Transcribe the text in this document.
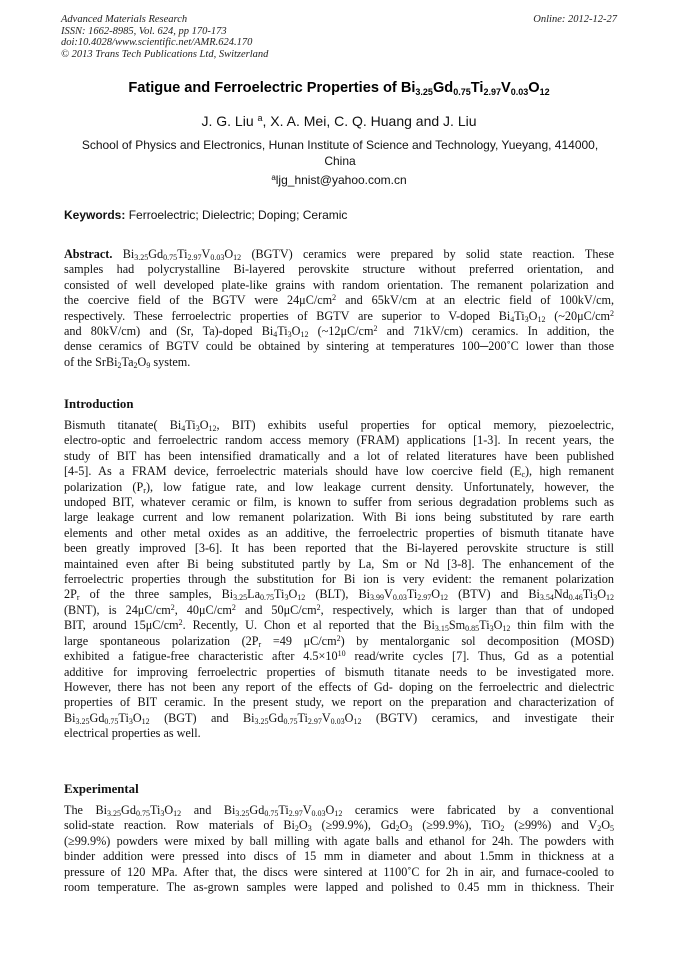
Advanced Materials Research
ISSN: 1662-8985, Vol. 624, pp 170-173
doi:10.4028/www.scientific.net/AMR.624.170
© 2013 Trans Tech Publications Ltd, Switzerland
Online: 2012-12-27
Fatigue and Ferroelectric Properties of $Bi_{3.25}Gd_{0.75}Ti_{2.97}V_{0.03}O_{12}$
J. G. Liu $^a$, X. A. Mei, C. Q. Huang and J. Liu
School of Physics and Electronics, Hunan Institute of Science and Technology, Yueyang, 414000,
China
$^a$ljg_hnist@yahoo.com.cn
Keywords: Ferroelectric; Dielectric; Doping; Ceramic
Abstract. $Bi_{3.25}Gd_{0.75}Ti_{2.97}V_{0.03}O_{12}$ (BGTV) ceramics were prepared by solid state reaction. These
samples had polycrystalline Bi-layered perovskite structure without preferred orientation, and
consisted of well developed plate-like grains with random orientation. The remanent polarization and
the coercive field of the BGTV were $24\mu C/cm^2$ and 65kV/cm at an electric field of 100kV/cm,
respectively. These ferroelectric properties of BGTV are superior to V-doped $Bi_4Ti_3O_{12}$ ($\sim 20\mu C/cm^2$
and 80kV/cm) and (Sr, Ta)-doped $Bi_4Ti_3O_{12}$ ($\sim 12\mu C/cm^2$ and 71kV/cm) ceramics. In addition, the
dense ceramics of BGTV could be obtained by sintering at temperatures 100─200˚C lower than those
of the $SrBi_2Ta_2O_9$ system.
Introduction
Bismuth titanate( $Bi_4Ti_3O_{12}$, BIT) exhibits useful properties for optical memory, piezoelectric,
electro-optic and ferroelectric random access memory (FRAM) applications [1-3]. In recent years, the
study of BIT has been intensified dramatically and a lot of related literatures have been published
[4-5]. As a FRAM device, ferroelectric materials should have low coercive field $(E_c)$, high remanent
polarization $(P_r)$, low fatigue rate, and low leakage current density. Unfortunately, however, the
undoped BIT, whatever ceramic or film, is known to suffer from serious degradation problems such as
large leakage current and low remanent polarization. With Bi ions being substituted by rare earth
elements and other metal oxides as an additive, the ferroelectric properties of bismuth titanate have
been greatly improved [3-6]. It has been reported that the Bi-layered perovskite structure is still
maintained even after Bi being substituted partly by La, Sm or Nd [3-8]. The enhancement of the
ferroelectric properties through the substitution for Bi ion is very evident: the remanent polarization
$2P_r$ of the three samples, $Bi_{3.25}La_{0.75}Ti_3O_{12}$ (BLT), $Bi_{3.99}V_{0.03}Ti_{2.97}O_{12}$ (BTV) and $Bi_{3.54}Nd_{0.46}Ti_3O_{12}$
(BNT), is $24\mu C/cm^2$, $40\mu C/cm^2$ and $50\mu C/cm^2$, respectively, which is larger than that of undoped
BIT, around $15\mu C/cm^2$. Recently, U. Chon et al reported that the $Bi_{3.15}Sm_{0.85}Ti_3O_{12}$ thin film with the
large spontaneous polarization ($2P_r =49$ $\mu C/cm^2$) by mentalorganic sol decomposition (MOSD)
exhibited a fatigue-free characteristic after $4.5\times 10^{10}$ read/write cycles [7]. Thus, Gd as a potential
additive for improving ferroelectric properties of bismuth titanate needs to be investigated more.
However, there has not been any report of the effects of Gd- doping on the ferroelectric and dielectric
properties of BIT ceramic. In the present study, we report on the preparation and characterization of
$Bi_{3.25}Gd_{0.75}Ti_3O_{12}$ (BGT) and $Bi_{3.25}Gd_{0.75}Ti_{2.97}V_{0.03}O_{12}$ (BGTV) ceramics, and investigate their
electrical properties as well.
Experimental
The $Bi_{3.25}Gd_{0.75}Ti_3O_{12}$ and $Bi_{3.25}Gd_{0.75}Ti_{2.97}V_{0.03}O_{12}$ ceramics were fabricated by a conventional
solid-state reaction. Row materials of $Bi_2O_3$ (≥99.9%), $Gd_2O_3$ (≥99.9%), TiO$_2$ (≥99%) and $V_2O_5$
(≥99.9%) powders were mixed by ball milling with agate balls and ethanol for 24h. The powders with
binder addition were pressed into discs of 15 mm in diameter and about 1.5mm in thickness at a
pressure of 120 MPa. After that, the discs were sintered at 1100˚C for 2h in air, and furnace-cooled to
room temperature. The as-grown samples were lapped and polished to 0.45 mm in thickness. Their
